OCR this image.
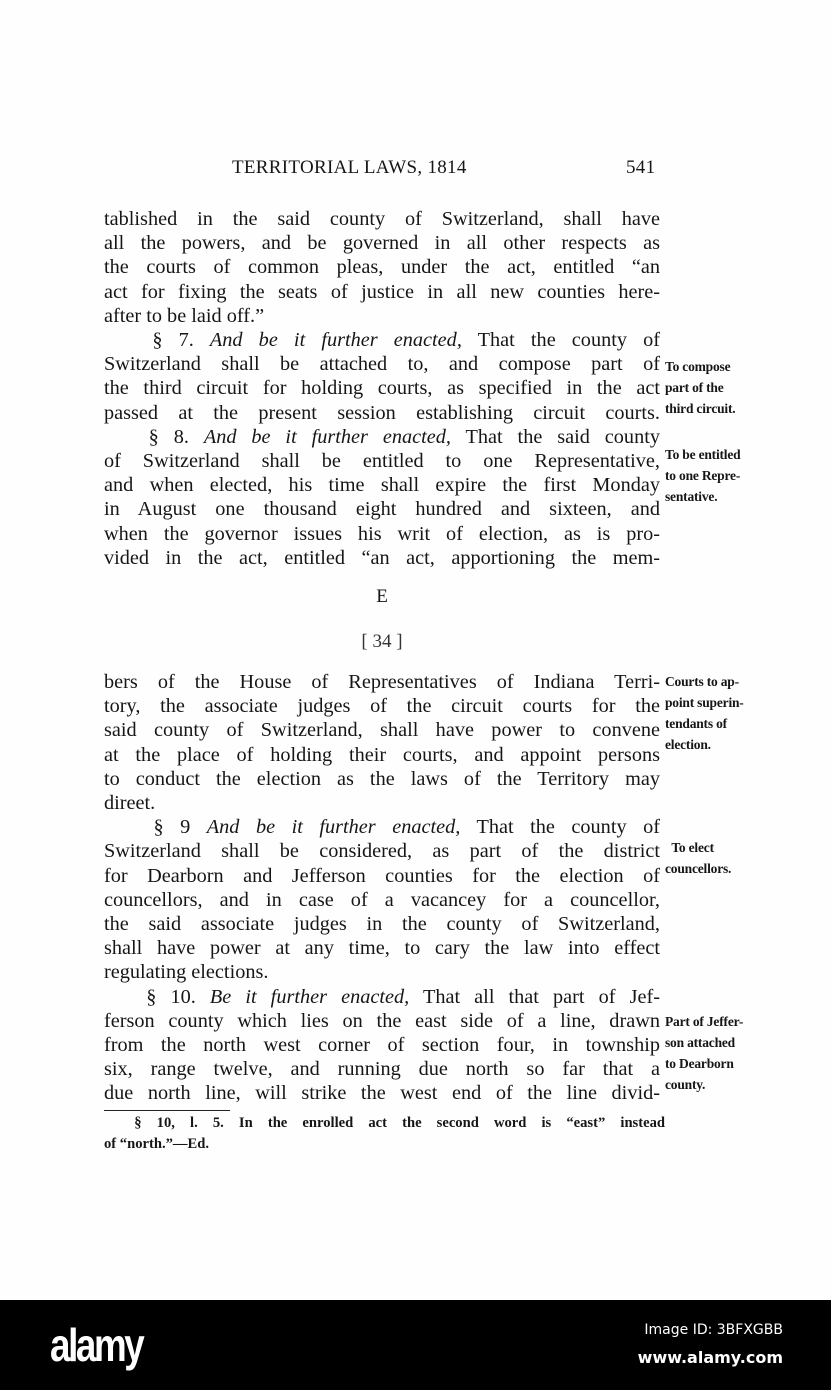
TERRITORIAL LAWS, 1814	541
tablished in the said county of Switzerland, shall have
all the powers, and be governed in all other respects as
the courts of common pleas, under the act, entitled “an
act for fixing the seats of justice in all new counties here-
after to be laid off.”
§ 7. And be it further enacted, That the county of
Switzerland shall be attached to, and compose part of
the third circuit for holding courts, as specified in the act
passed at the present session establishing circuit courts.
§ 8. And be it further enacted, That the said county
of Switzerland shall be entitled to one Representative,
and when elected, his time shall expire the first Monday
in August one thousand eight hundred and sixteen, and
when the governor issues his writ of election, as is pro-
vided in the act, entitled “an act, apportioning the mem-
E
[ 34 ]
bers of the House of Representatives of Indiana Terri-
tory, the associate judges of the circuit courts for the
said county of Switzerland, shall have power to convene
at the place of holding their courts, and appoint persons
to conduct the election as the laws of the Territory may
direet.
§ 9 And be it further enacted, That the county of
Switzerland shall be considered, as part of the district
for Dearborn and Jefferson counties for the election of
councellors, and in case of a vacancey for a councellor,
the said associate judges in the county of Switzerland,
shall have power at any time, to cary the law into effect
regulating elections.
§ 10. Be it further enacted, That all that part of Jef-
ferson county which lies on the east side of a line, drawn
from the north west corner of section four, in township
six, range twelve, and running due north so far that a
due north line, will strike the west end of the line divid-
§ 10, l. 5. In the enrolled act the second word is “east” instead
of “north.”—Ed.
To compose
part of the
third circuit.
To be entitled
to one Repre-
sentative.
Courts to ap-
point superin-
tendants of
election.
To elect
councellors.
Part of Jeffer-
son attached
to Dearborn
county.
alamy	Image ID: 3BFXGBB
www.alamy.com
